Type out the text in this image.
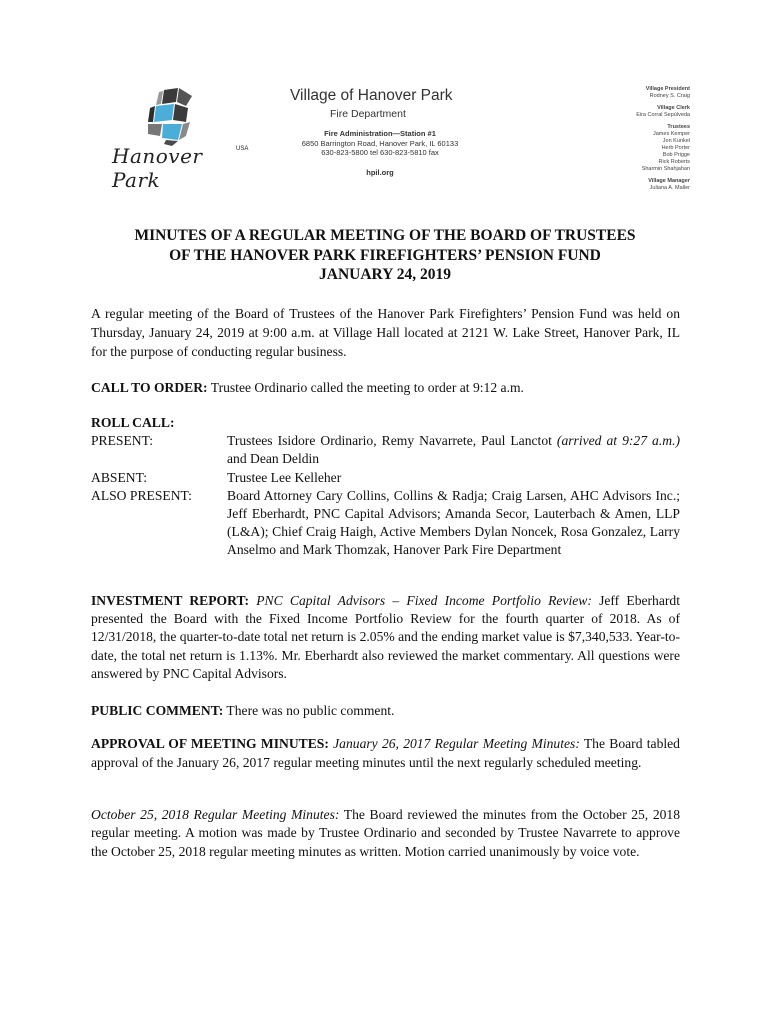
Hanover Park
USA
Village of Hanover Park
Fire Department
Fire Administration—Station #1
6850 Barrington Road, Hanover Park, IL 60133
630-823-5800 tel 630-823-5810 fax
hpil.org
Village President
Rodney S. Craig
Village Clerk
Eira Corral Sepúlveda
Trustees
James Kemper
Jon Kunkel
Herb Porter
Bob Prigge
Rick Roberts
Sharmin Shahjahan
Village Manager
Juliana A. Maller
MINUTES OF A REGULAR MEETING OF THE BOARD OF TRUSTEES
OF THE HANOVER PARK FIREFIGHTERS’ PENSION FUND
JANUARY 24, 2019
A regular meeting of the Board of Trustees of the Hanover Park Firefighters’ Pension Fund was held on Thursday, January 24, 2019 at 9:00 a.m. at Village Hall located at 2121 W. Lake Street, Hanover Park, IL for the purpose of conducting regular business.
CALL TO ORDER: Trustee Ordinario called the meeting to order at 9:12 a.m.
ROLL CALL:
PRESENT:	Trustees Isidore Ordinario, Remy Navarrete, Paul Lanctot (arrived at 9:27 a.m.) and Dean Deldin
ABSENT:	Trustee Lee Kelleher
ALSO PRESENT:	Board Attorney Cary Collins, Collins & Radja; Craig Larsen, AHC Advisors Inc.; Jeff Eberhardt, PNC Capital Advisors; Amanda Secor, Lauterbach & Amen, LLP (L&A); Chief Craig Haigh, Active Members Dylan Noncek, Rosa Gonzalez, Larry Anselmo and Mark Thomzak, Hanover Park Fire Department
INVESTMENT REPORT: PNC Capital Advisors – Fixed Income Portfolio Review: Jeff Eberhardt presented the Board with the Fixed Income Portfolio Review for the fourth quarter of 2018. As of 12/31/2018, the quarter-to-date total net return is 2.05% and the ending market value is $7,340,533. Year-to-date, the total net return is 1.13%. Mr. Eberhardt also reviewed the market commentary. All questions were answered by PNC Capital Advisors.
PUBLIC COMMENT: There was no public comment.
APPROVAL OF MEETING MINUTES: January 26, 2017 Regular Meeting Minutes: The Board tabled approval of the January 26, 2017 regular meeting minutes until the next regularly scheduled meeting.
October 25, 2018 Regular Meeting Minutes: The Board reviewed the minutes from the October 25, 2018 regular meeting. A motion was made by Trustee Ordinario and seconded by Trustee Navarrete to approve the October 25, 2018 regular meeting minutes as written. Motion carried unanimously by voice vote.
